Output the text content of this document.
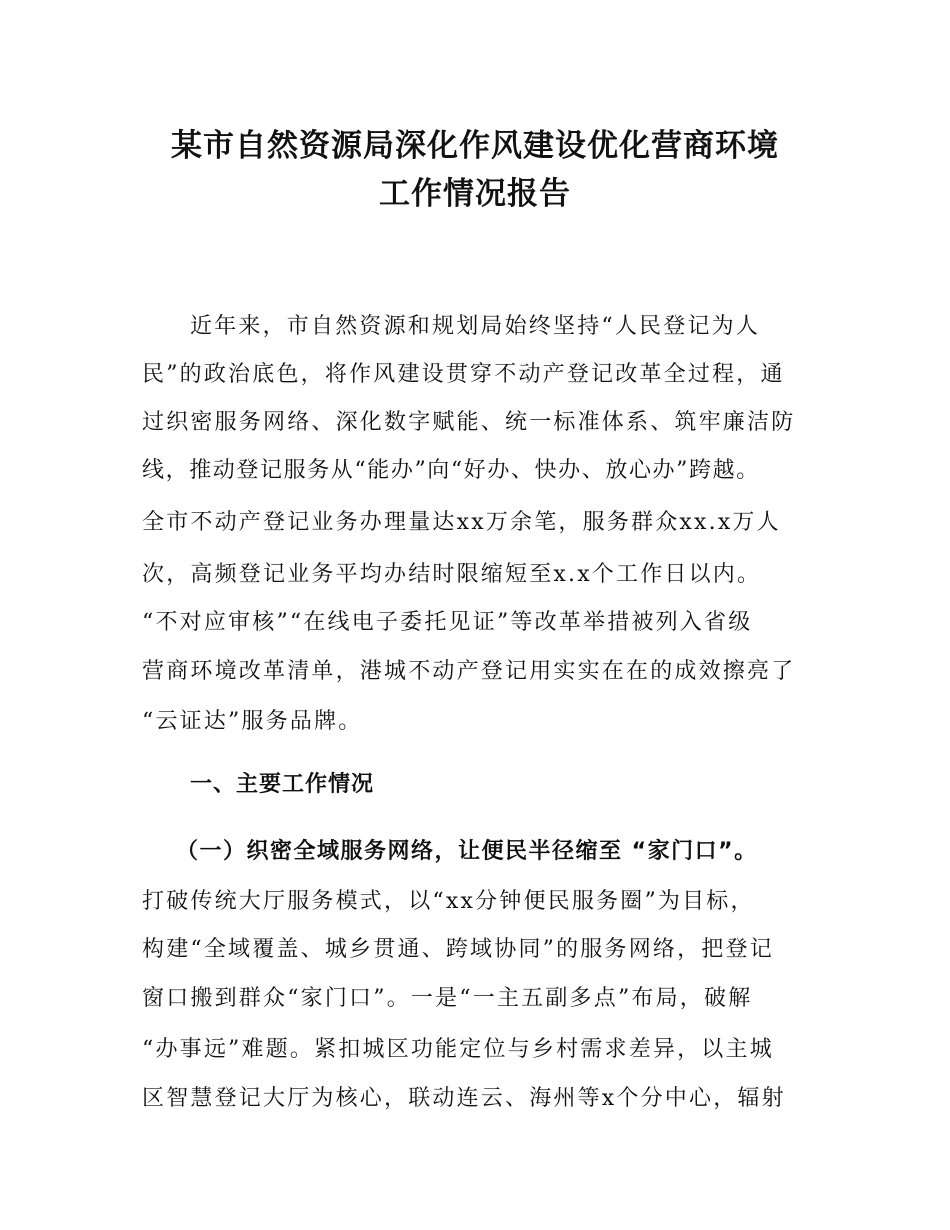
某市自然资源局深化作风建设优化营商环境
工作情况报告
近年来，市自然资源和规划局始终坚持“人民登记为人
民”的政治底色，将作风建设贯穿不动产登记改革全过程，通
过织密服务网络、深化数字赋能、统一标准体系、筑牢廉洁防
线，推动登记服务从“能办”向“好办、快办、放心办”跨越。
全市不动产登记业务办理量达xx万余笔，服务群众xx.x万人
次，高频登记业务平均办结时限缩短至x.x个工作日以内。
“不对应审核”“在线电子委托见证”等改革举措被列入省级
营商环境改革清单，港城不动产登记用实实在在的成效擦亮了
“云证达”服务品牌。
一、主要工作情况
（一）织密全域服务网络，让便民半径缩至 “家门口”。
打破传统大厅服务模式，以“xx分钟便民服务圈”为目标，
构建“全域覆盖、城乡贯通、跨域协同”的服务网络，把登记
窗口搬到群众“家门口”。一是“一主五副多点”布局，破解
“办事远”难题。紧扣城区功能定位与乡村需求差异，以主城
区智慧登记大厅为核心，联动连云、海州等x个分中心，辐射
